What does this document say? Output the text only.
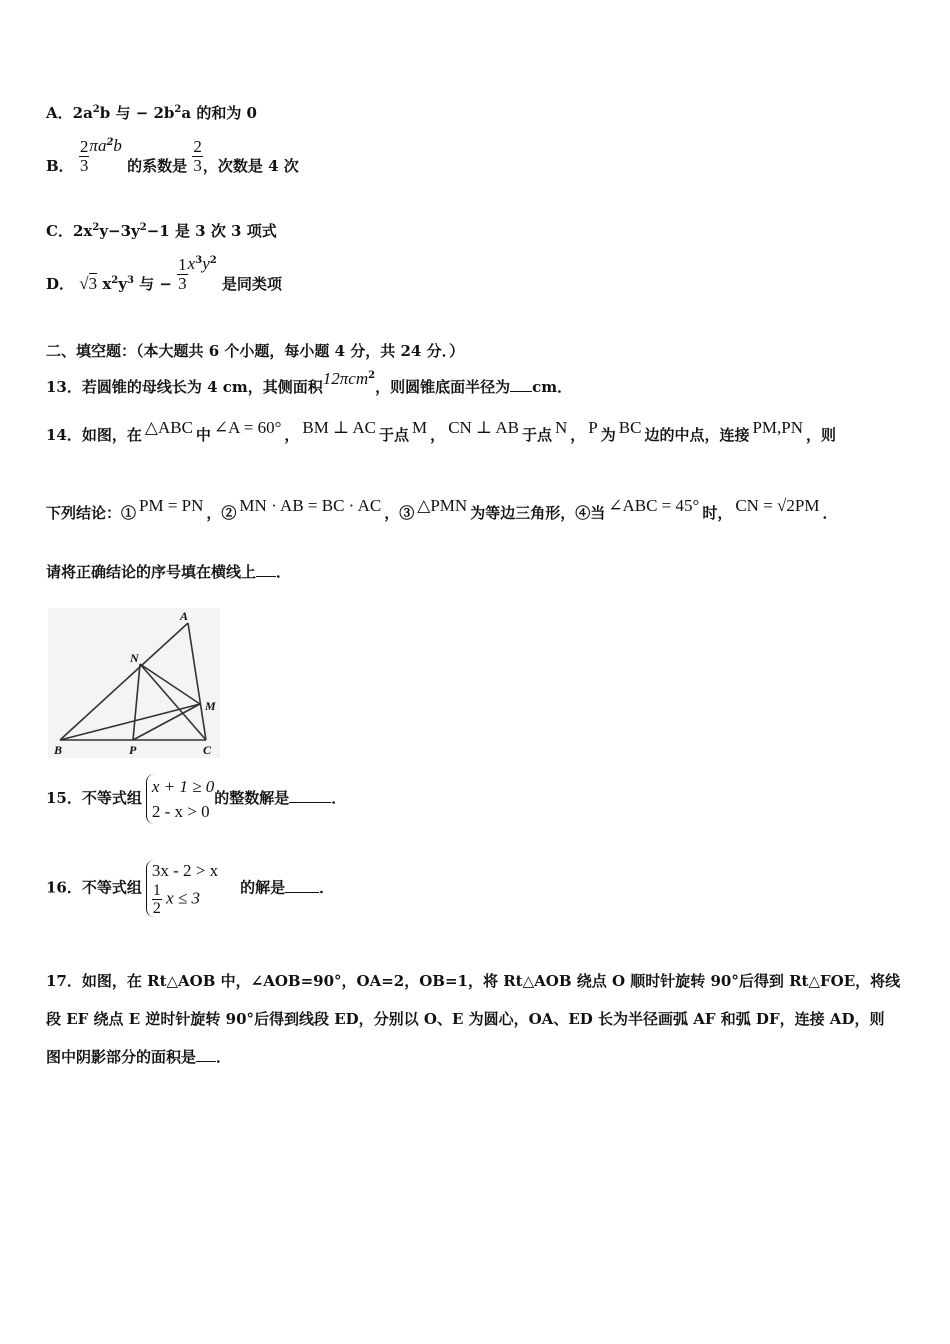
A．$2a^2b$ 与 − $2b^2a$ 的和为 0
B． $\frac{2}{3} \pi a^2b$ 的系数是 $\frac{2}{3}$ ，次数是 4 次
C．$2x^2y-3y^2-1$ 是 3 次 3 项式
D． √3 $x^2y^3$ 与 − $\frac{1}{3} x^3y^2$ 是同类项
二、填空题：（本大题共 6 个小题，每小题 4 分，共 24 分．）
13．若圆锥的母线长为 4 cm，其侧面积12πcm$^2$，则圆锥底面半径为 cm．
14．如图，在 △ABC 中 ∠A = 60° ， BM ⊥ AC 于点 M ， CN ⊥ AB 于点 N ， P 为 BC 边的中点，连接 PM,PN ，则
下列结论：① PM = PN ，② MN · AB = BC · AC ，③ △PMN 为等边三角形，④当 ∠ABC = 45° 时， CN = √2PM ．
请将正确结论的序号填在横线上 ．
A
N
M
B	P	C
15．不等式组
x + 1 ≥ 0
2 - x > 0
的整数解是	．
16．不等式组
3x - 2 > x
$\frac{1}{2}$ x ≤ 3
的解是 ．
17．如图，在 Rt△AOB 中，∠AOB=90°，OA=2，OB=1，将 Rt△AOB 绕点 O 顺时针旋转 90°后得到 Rt△FOE，将线
段 EF 绕点 E 逆时针旋转 90°后得到线段 ED，分别以 O、E 为圆心，OA、ED 长为半径画弧 AF 和弧 DF，连接 AD，则
图中阴影部分的面积是 ．
